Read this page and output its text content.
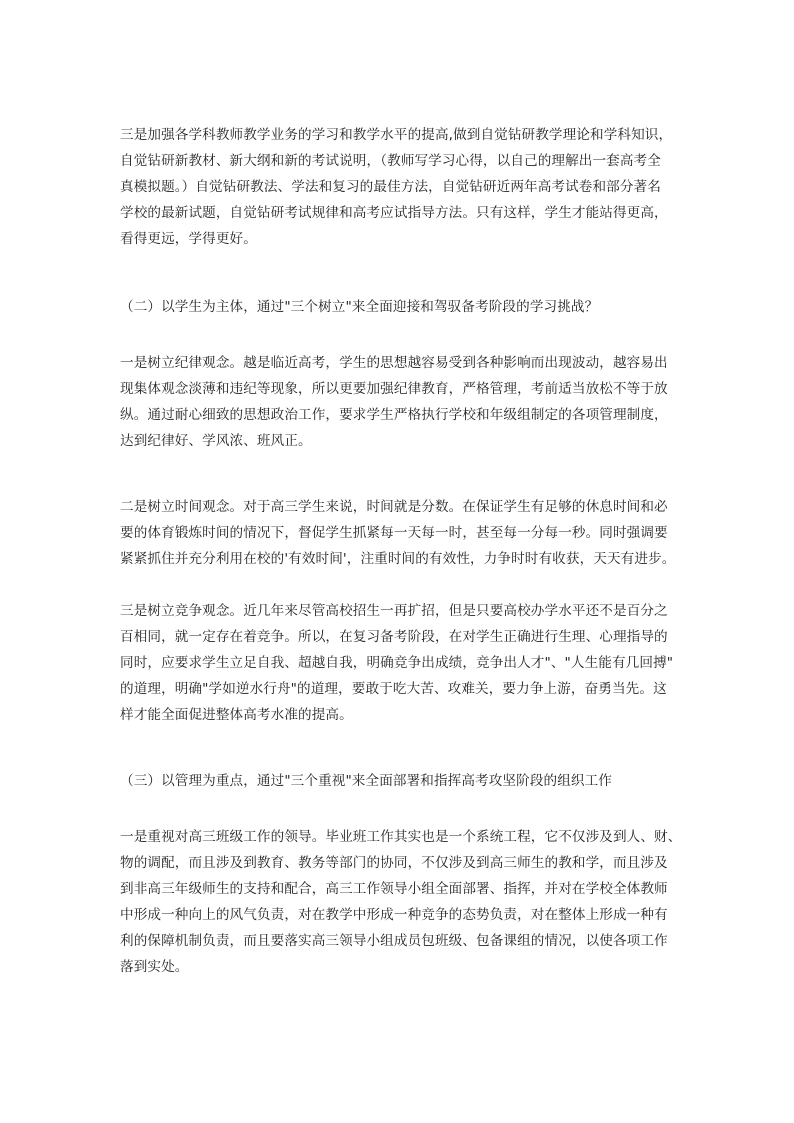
三是加强各学科教师教学业务的学习和教学水平的提高,做到自觉钻研教学理论和学科知识，
自觉钻研新教材、新大纲和新的考试说明，（教师写学习心得，以自己的理解出一套高考全
真模拟题。）自觉钻研教法、学法和复习的最佳方法，自觉钻研近两年高考试卷和部分著名
学校的最新试题，自觉钻研考试规律和高考应试指导方法。只有这样，学生才能站得更高，
看得更远，学得更好。
（二）以学生为主体，通过"三个树立"来全面迎接和驾驭备考阶段的学习挑战？
一是树立纪律观念。越是临近高考，学生的思想越容易受到各种影响而出现波动，越容易出
现集体观念淡薄和违纪等现象，所以更要加强纪律教育，严格管理，考前适当放松不等于放
纵。通过耐心细致的思想政治工作，要求学生严格执行学校和年级组制定的各项管理制度，
达到纪律好、学风浓、班风正。
二是树立时间观念。对于高三学生来说，时间就是分数。在保证学生有足够的休息时间和必
要的体育锻炼时间的情况下，督促学生抓紧每一天每一时，甚至每一分每一秒。同时强调要
紧紧抓住并充分利用在校的'有效时间'，注重时间的有效性，力争时时有收获，天天有进步。
三是树立竞争观念。近几年来尽管高校招生一再扩招，但是只要高校办学水平还不是百分之
百相同，就一定存在着竞争。所以，在复习备考阶段，在对学生正确进行生理、心理指导的
同时，应要求学生立足自我、超越自我，明确竞争出成绩，竞争出人才"、"人生能有几回搏"
的道理，明确"学如逆水行舟"的道理，要敢于吃大苦、攻难关，要力争上游，奋勇当先。这
样才能全面促进整体高考水准的提高。
（三）以管理为重点，通过"三个重视"来全面部署和指挥高考攻坚阶段的组织工作
一是重视对高三班级工作的领导。毕业班工作其实也是一个系统工程，它不仅涉及到人、财、
物的调配，而且涉及到教育、教务等部门的协同，不仅涉及到高三师生的教和学，而且涉及
到非高三年级师生的支持和配合，高三工作领导小组全面部署、指挥，并对在学校全体教师
中形成一种向上的风气负责，对在教学中形成一种竞争的态势负责，对在整体上形成一种有
利的保障机制负责，而且要落实高三领导小组成员包班级、包备课组的情况，以使各项工作
落到实处。
